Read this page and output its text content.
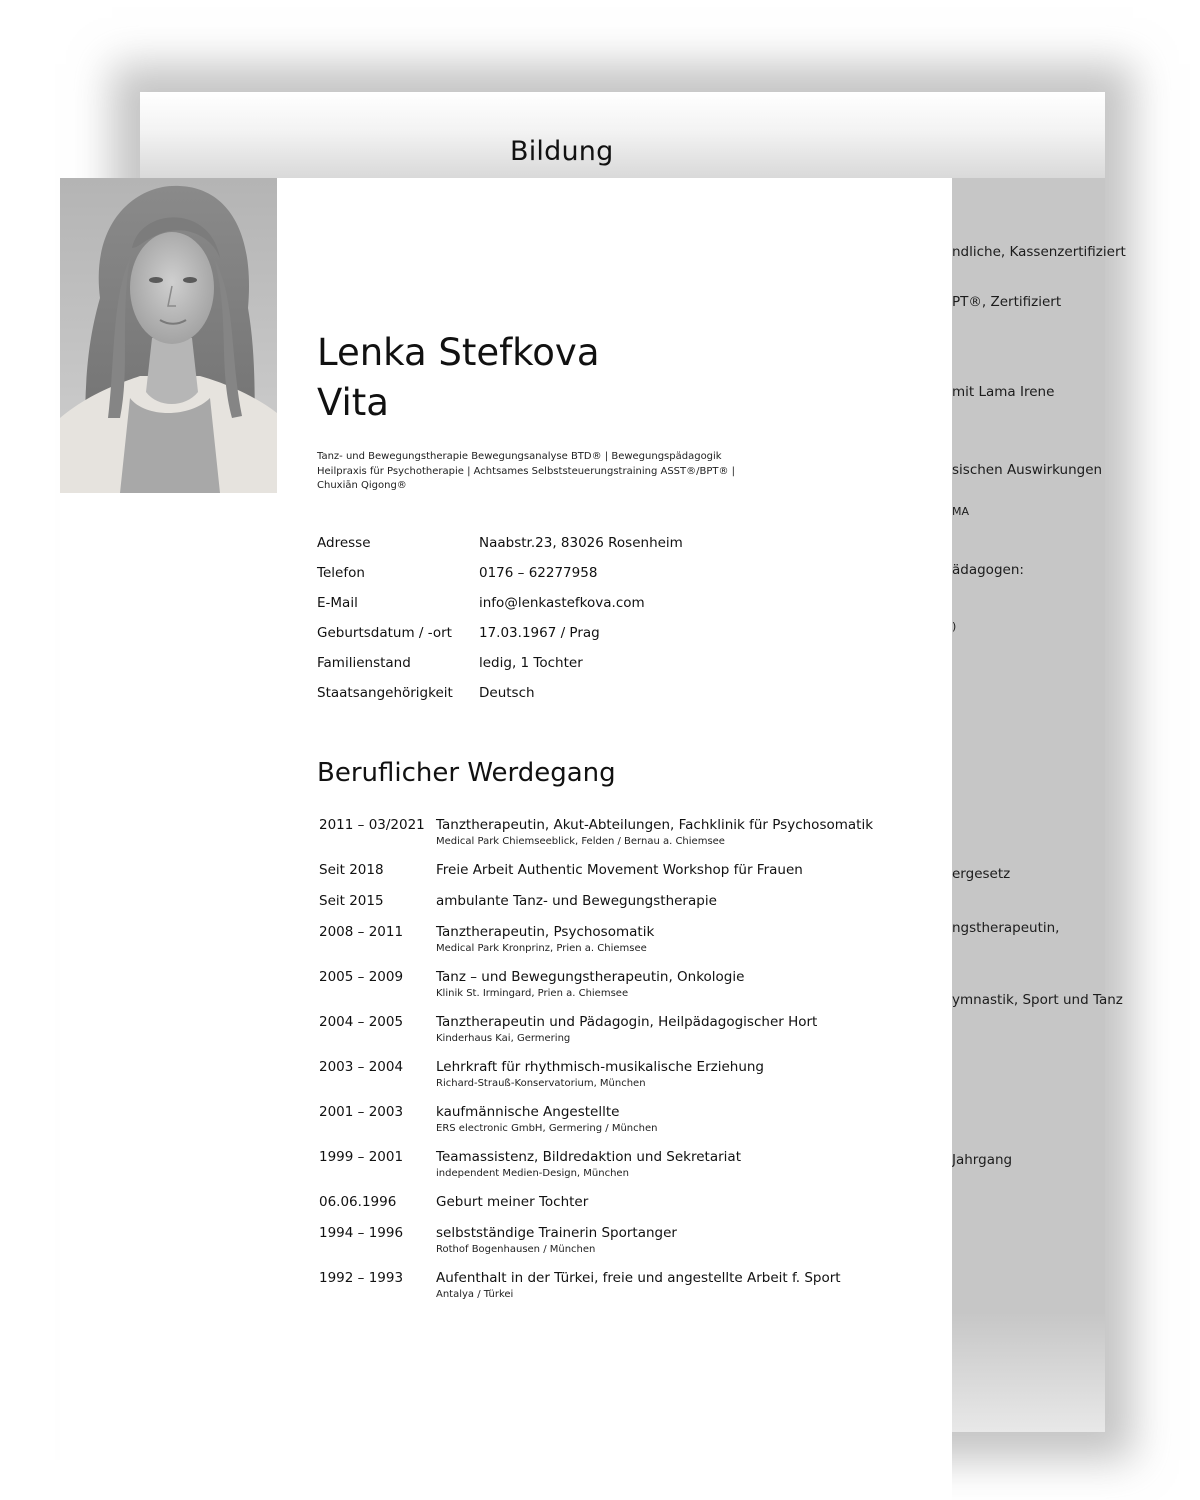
Bildung
ndliche, Kassenzertifiziert
PT®, Zertifiziert
mit Lama Irene
sischen Auswirkungen
MA
ädagogen:
)
ergesetz
ngstherapeutin,
ymnastik, Sport und Tanz
Jahrgang
Lenka Stefkova
Vita

Tanz- und Bewegungstherapie Bewegungsanalyse BTD® | Bewegungspädagogik
Heilpraxis für Psychotherapie | Achtsames Selbststeuerungstraining ASST®/BPT® |
Chuxiān Qigong®

Adresse	Naabstr.23, 83026 Rosenheim
Telefon	0176 – 62277958
E-Mail	info@lenkastefkova.com
Geburtsdatum / -ort	17.03.1967 / Prag
Familienstand	ledig, 1 Tochter
Staatsangehörigkeit	Deutsch
Beruflicher Werdegang
2011 – 03/2021 Tanztherapeutin, Akut-Abteilungen, Fachklinik für Psychosomatik
Medical Park Chiemseeblick, Felden / Bernau a. Chiemsee
Seit 2018	Freie Arbeit Authentic Movement Workshop für Frauen
Seit 2015	ambulante Tanz- und Bewegungstherapie
2008 – 2011	Tanztherapeutin, Psychosomatik
Medical Park Kronprinz, Prien a. Chiemsee
2005 – 2009	Tanz – und Bewegungstherapeutin, Onkologie
Klinik St. Irmingard, Prien a. Chiemsee
2004 – 2005	Tanztherapeutin und Pädagogin, Heilpädagogischer Hort
Kinderhaus Kai, Germering
2003 – 2004	Lehrkraft für rhythmisch-musikalische Erziehung
Richard-Strauß-Konservatorium, München
2001 – 2003	kaufmännische Angestellte
ERS electronic GmbH, Germering / München
1999 – 2001	Teamassistenz, Bildredaktion und Sekretariat
independent Medien-Design, München
06.06.1996	Geburt meiner Tochter
1994 – 1996	selbstständige Trainerin Sportanger
Rothof Bogenhausen / München
1992 – 1993	Aufenthalt in der Türkei, freie und angestellte Arbeit f. Sport
Antalya / Türkei
